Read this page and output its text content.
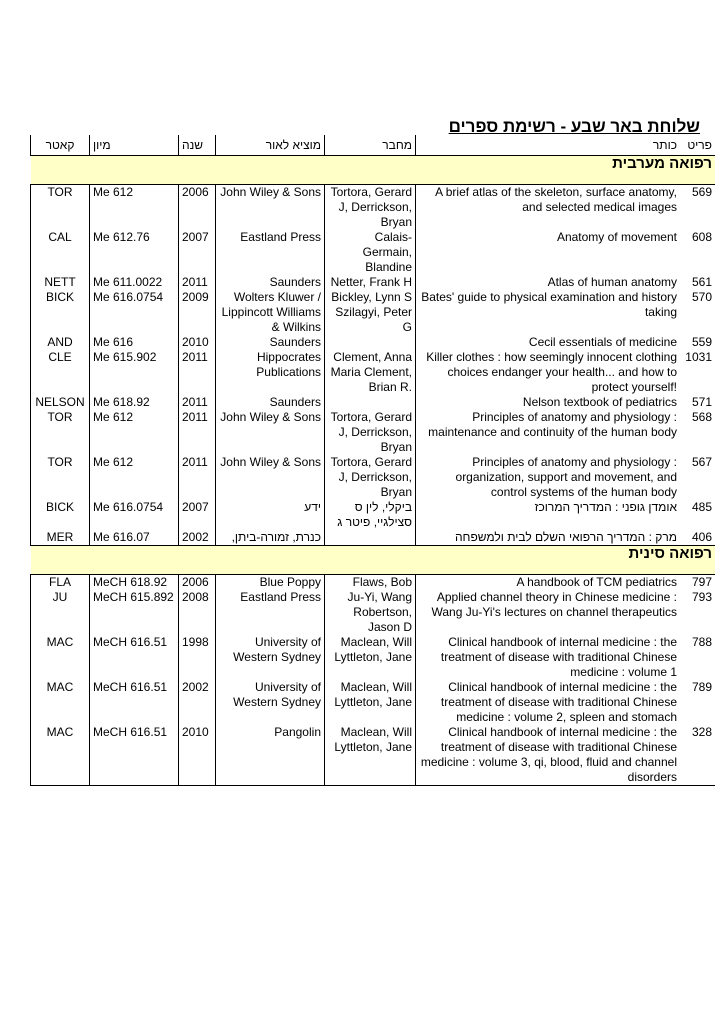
שלוחת באר שבע - רשימת ספרים
קאטר	מיון	שנה	מוציא לאור	מחבר	כותר	פריט
רפואה מערבית						
TOR	Me 612	2006	John Wiley & Sons	Tortora, Gerard J, Derrickson, Bryan	A brief atlas of the skeleton, surface anatomy, and selected medical images	569
CAL	Me 612.76	2007	Eastland Press	Calais-Germain, Blandine	Anatomy of movement	608
NETT	Me 611.0022	2011	Saunders	Netter, Frank H	Atlas of human anatomy	561
BICK	Me 616.0754	2009	Wolters Kluwer / Lippincott Williams & Wilkins	Bickley, Lynn S Szilagyi, Peter G	Bates' guide to physical examination and history taking	570
AND	Me 616	2010	Saunders		Cecil essentials of medicine	559
CLE	Me 615.902	2011	Hippocrates Publications	Clement, Anna Maria Clement, Brian R.	Killer clothes : how seemingly innocent clothing choices endanger your health... and how to protect yourself!	1031
NELSON	Me 618.92	2011	Saunders		Nelson textbook of pediatrics	571
TOR	Me 612	2011	John Wiley & Sons	Tortora, Gerard J, Derrickson, Bryan	Principles of anatomy and physiology : maintenance and continuity of the human body	568
TOR	Me 612	2011	John Wiley & Sons	Tortora, Gerard J, Derrickson, Bryan	Principles of anatomy and physiology : organization, support and movement, and control systems of the human body	567
BICK	Me 616.0754	2007	ידע	ביקלי, לין ס סצילגיי, פיטר ג	אומדן גופני : המדריך המרוכז	485
MER	Me 616.07	2002	כנרת, זמורה-ביתן,		מרק : המדריך הרפואי השלם לבית ולמשפחה	406
רפואה סינית						
FLA	MeCH 618.92	2006	Blue Poppy	Flaws, Bob	A handbook of TCM pediatrics	797
JU	MeCH 615.892	2008	Eastland Press	Ju-Yi, Wang Robertson, Jason D	Applied channel theory in Chinese medicine : Wang Ju-Yi's lectures on channel therapeutics	793
MAC	MeCH 616.51	1998	University of Western Sydney	Maclean, Will Lyttleton, Jane	Clinical handbook of internal medicine : the treatment of disease with traditional Chinese medicine : volume 1	788
MAC	MeCH 616.51	2002	University of Western Sydney	Maclean, Will Lyttleton, Jane	Clinical handbook of internal medicine : the treatment of disease with traditional Chinese medicine : volume 2, spleen and stomach	789
MAC	MeCH 616.51	2010	Pangolin	Maclean, Will Lyttleton, Jane	Clinical handbook of internal medicine : the treatment of disease with traditional Chinese medicine : volume 3, qi, blood, fluid and channel disorders	328
